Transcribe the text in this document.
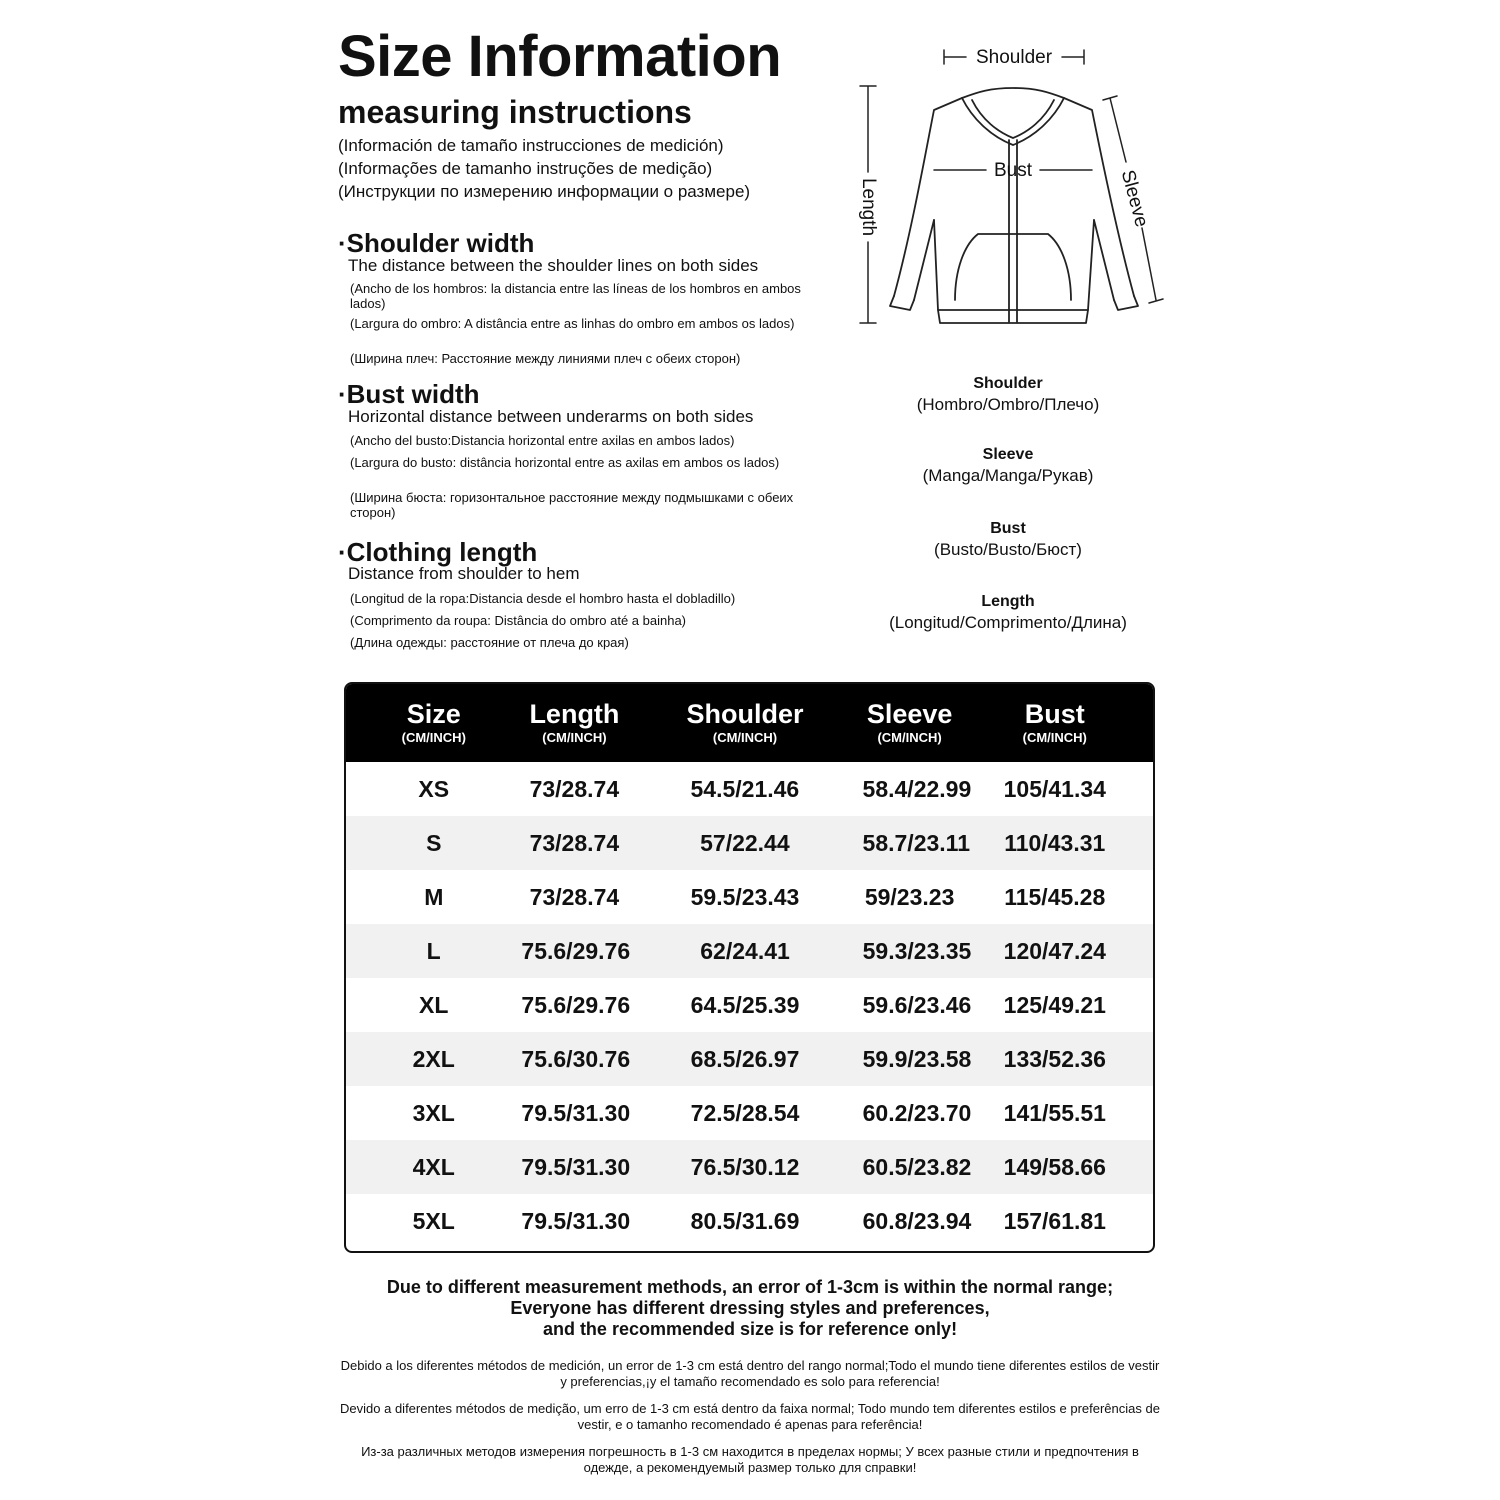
Size Information
measuring instructions
(Información de tamaño instrucciones de medición)
(Informações de tamanho instruções de medição)
(Инструкции по измерению информации о размере)
·Shoulder width
The distance between the shoulder lines on both sides
(Ancho de los hombros: la distancia entre las líneas de los hombros en ambos lados)
(Largura do ombro: A distância entre as linhas do ombro em ambos os lados)
(Ширина плеч: Расстояние между линиями плеч с обеих сторон)
·Bust width
Horizontal distance between underarms on both sides
(Ancho del busto:Distancia horizontal entre axilas en ambos lados)
(Largura do busto: distância horizontal entre as axilas em ambos os lados)
(Ширина бюста: горизонтальное расстояние между подмышками с обеих сторон)
·Clothing length
Distance from shoulder to hem
(Longitud de la ropa:Distancia desde el hombro hasta el dobladillo)
(Comprimento da roupa: Distância do ombro até a bainha)
(Длина одежды: расстояние от плеча до края)
Shoulder
Bust
Length	Sleeve
Shoulder
(Hombro/Ombro/Плечо)
Sleeve
(Manga/Manga/Рукав)
Bust
(Busto/Busto/Бюст)
Length
(Longitud/Comprimento/Длина)
Size
(CM/INCH)
Length
(CM/INCH)
Shoulder
(CM/INCH)
Sleeve
(CM/INCH)
Bust
(CM/INCH)
XS	73/28.74	54.5/21.46	58.4/22.99	105/41.34
S	73/28.74	57/22.44	58.7/23.11	110/43.31
M	73/28.74	59.5/23.43	59/23.23	115/45.28
L	75.6/29.76	62/24.41	59.3/23.35	120/47.24
XL	75.6/29.76	64.5/25.39	59.6/23.46	125/49.21
2XL	75.6/30.76	68.5/26.97	59.9/23.58	133/52.36
3XL	79.5/31.30	72.5/28.54	60.2/23.70	141/55.51
4XL	79.5/31.30	76.5/30.12	60.5/23.82	149/58.66
5XL	79.5/31.30	80.5/31.69	60.8/23.94	157/61.81
Due to different measurement methods, an error of 1-3cm is within the normal range;
Everyone has different dressing styles and preferences,
and the recommended size is for reference only!
Debido a los diferentes métodos de medición, un error de 1-3 cm está dentro del rango normal;Todo el mundo tiene diferentes estilos de vestir y preferencias,¡y el tamaño recomendado es solo para referencia!
Devido a diferentes métodos de medição, um erro de 1-3 cm está dentro da faixa normal; Todo mundo tem diferentes estilos e preferências de vestir, e o tamanho recomendado é apenas para referência!
Из-за различных методов измерения погрешность в 1-3 см находится в пределах нормы; У всех разные стили и предпочтения в одежде, а рекомендуемый размер только для справки!
